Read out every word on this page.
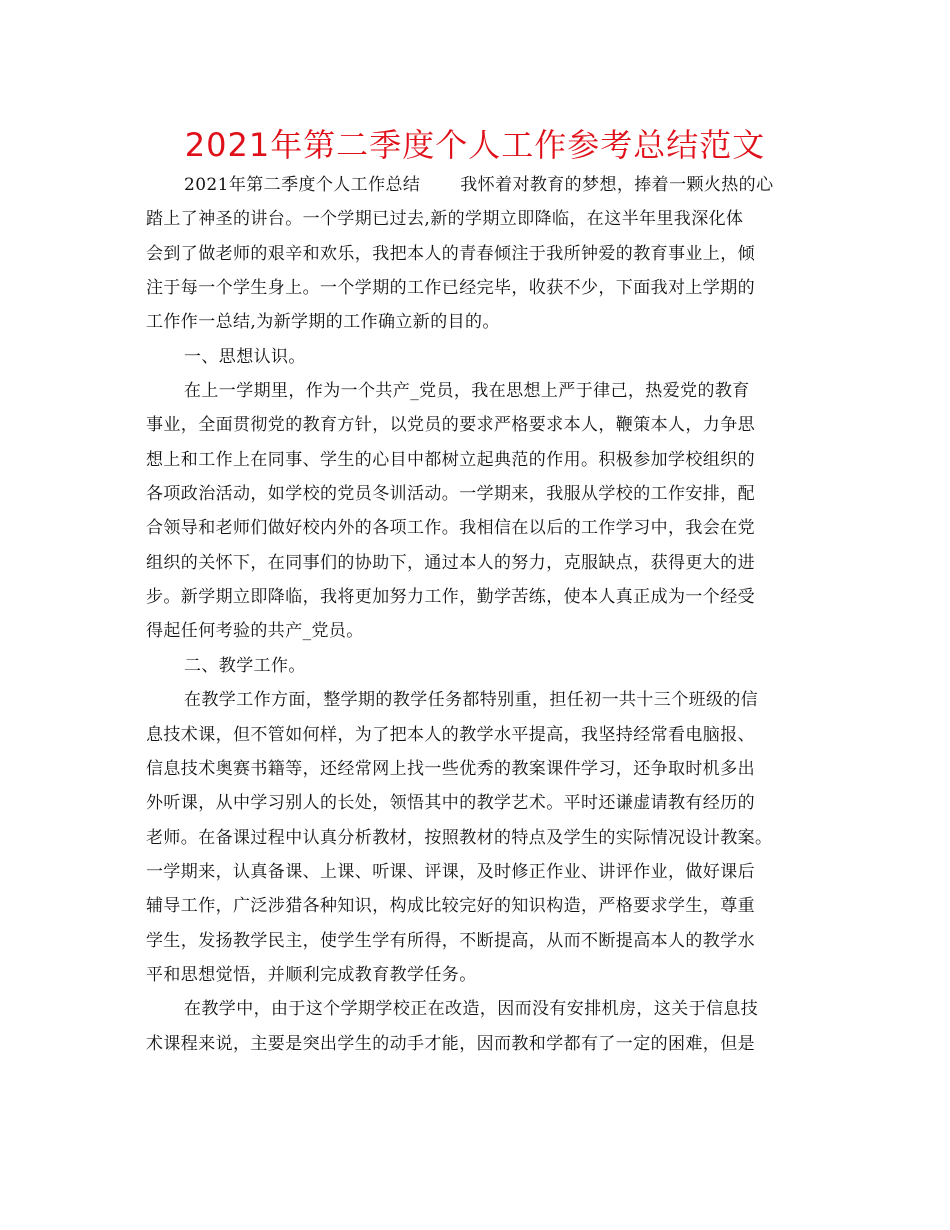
2021年第二季度个人工作参考总结范文
2021年第二季度个人工作总结 我怀着对教育的梦想，捧着一颗火热的心
踏上了神圣的讲台。一个学期已过去,新的学期立即降临，在这半年里我深化体
会到了做老师的艰辛和欢乐，我把本人的青春倾注于我所钟爱的教育事业上，倾
注于每一个学生身上。一个学期的工作已经完毕，收获不少，下面我对上学期的
工作作一总结,为新学期的工作确立新的目的。
一、思想认识。
在上一学期里，作为一个共产_党员，我在思想上严于律己，热爱党的教育
事业，全面贯彻党的教育方针，以党员的要求严格要求本人，鞭策本人，力争思
想上和工作上在同事、学生的心目中都树立起典范的作用。积极参加学校组织的
各项政治活动，如学校的党员冬训活动。一学期来，我服从学校的工作安排，配
合领导和老师们做好校内外的各项工作。我相信在以后的工作学习中，我会在党
组织的关怀下，在同事们的协助下，通过本人的努力，克服缺点，获得更大的进
步。新学期立即降临，我将更加努力工作，勤学苦练，使本人真正成为一个经受
得起任何考验的共产_党员。
二、教学工作。
在教学工作方面，整学期的教学任务都特别重，担任初一共十三个班级的信
息技术课，但不管如何样，为了把本人的教学水平提高，我坚持经常看电脑报、
信息技术奥赛书籍等，还经常网上找一些优秀的教案课件学习，还争取时机多出
外听课，从中学习别人的长处，领悟其中的教学艺术。平时还谦虚请教有经历的
老师。在备课过程中认真分析教材，按照教材的特点及学生的实际情况设计教案。
一学期来，认真备课、上课、听课、评课，及时修正作业、讲评作业，做好课后
辅导工作，广泛涉猎各种知识，构成比较完好的知识构造，严格要求学生，尊重
学生，发扬教学民主，使学生学有所得，不断提高，从而不断提高本人的教学水
平和思想觉悟，并顺利完成教育教学任务。
在教学中，由于这个学期学校正在改造，因而没有安排机房，这关于信息技
术课程来说，主要是突出学生的动手才能，因而教和学都有了一定的困难，但是
